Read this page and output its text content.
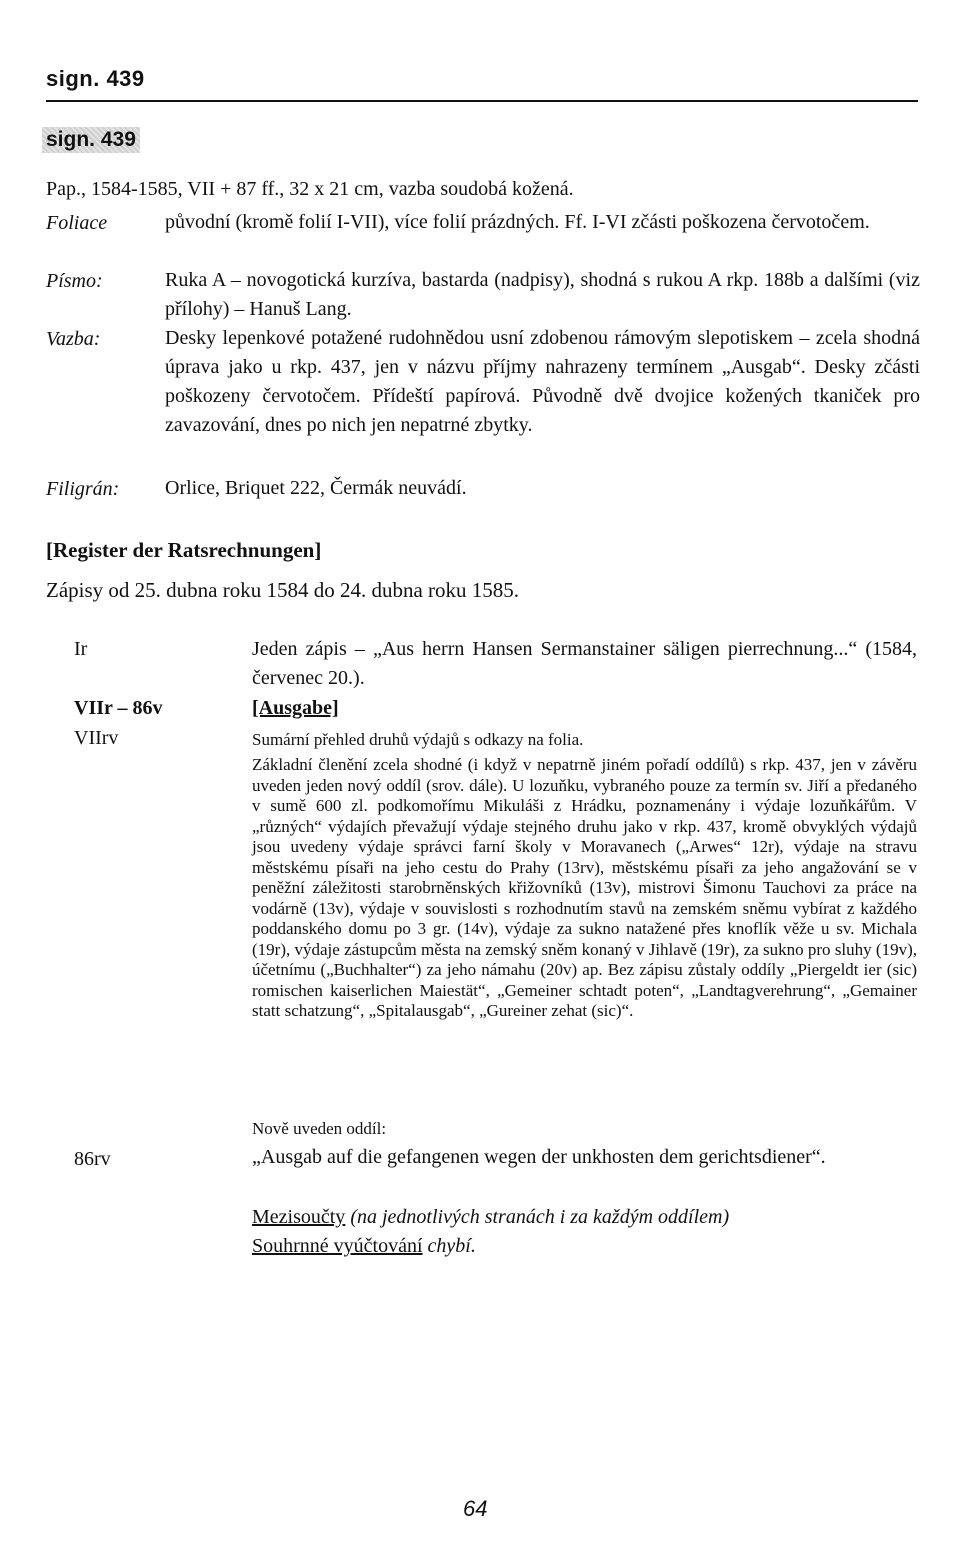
sign. 439
sign. 439
Pap., 1584-1585, VII + 87 ff., 32 x 21 cm, vazba soudobá kožená.
Foliace	původní (kromě folií I-VII), více folií prázdných. Ff. I-VI zčásti poškozena červotočem.
Písmo:	Ruka A – novogotická kurzíva, bastarda (nadpisy), shodná s rukou A rkp. 188b a dalšími (viz přílohy) – Hanuš Lang.
Vazba:	Desky lepenkové potažené rudohnědou usní zdobenou rámovým slepotiskem – zcela shodná úprava jako u rkp. 437, jen v názvu příjmy nahrazeny termínem „Ausgab“. Desky zčásti poškozeny červotočem. Přídeští papírová. Původně dvě dvojice kožených tkaniček pro zavazování, dnes po nich jen nepatrné zbytky.
Filigrán: Orlice, Briquet 222, Čermák neuvádí.
[Register der Ratsrechnungen]
Zápisy od 25. dubna roku 1584 do 24. dubna roku 1585.
Ir	Jeden zápis – „Aus herrn Hansen Sermanstainer säligen pierrechnung...“ (1584, červenec 20.).
VIIr – 86v	[Ausgabe]
VIIrv	Sumární přehled druhů výdajů s odkazy na folia.
Základní členění zcela shodné (i když v nepatrně jiném pořadí oddílů) s rkp. 437, jen v závěru uveden jeden nový oddíl (srov. dále). U lozuňku, vybraného pouze za termín sv. Jiří a předaného v sumě 600 zl. podkomořímu Mikuláši z Hrádku, poznamenány i výdaje lozuňkářům. V „různých“ výdajích převažují výdaje stejného druhu jako v rkp. 437, kromě obvyklých výdajů jsou uvedeny výdaje správci farní školy v Moravanech („Arwes“ 12r), výdaje na stravu městskému písaři na jeho cestu do Prahy (13rv), městskému písaři za jeho angažování se v peněžní záležitosti starobrněnských křižovníků (13v), mistrovi Šimonu Tauchovi za práce na vodárně (13v), výdaje v souvislosti s rozhodnutím stavů na zemském sněmu vybírat z každého poddanského domu po 3 gr. (14v), výdaje za sukno natažené přes knoflík věže u sv. Michala (19r), výdaje zástupcům města na zemský sněm konaný v Jihlavě (19r), za sukno pro sluhy (19v), účetnímu („Buchhalter“) za jeho námahu (20v) ap. Bez zápisu zůstaly oddíly „Piergeldt ier (sic) romischen kaiserlichen Maiestät“, „Gemeiner schtadt poten“, „Landtagverehrung“, „Gemainer statt schatzung“, „Spitalausgab“, „Gureiner zehat (sic)“.
Nově uveden oddíl:
86rv	„Ausgab auf die gefangenen wegen der unkhosten dem gerichtsdiener“.
Mezisoučty (na jednotlivých stranách i za každým oddílem)
Souhrnné vyúčtování chybí.
64
